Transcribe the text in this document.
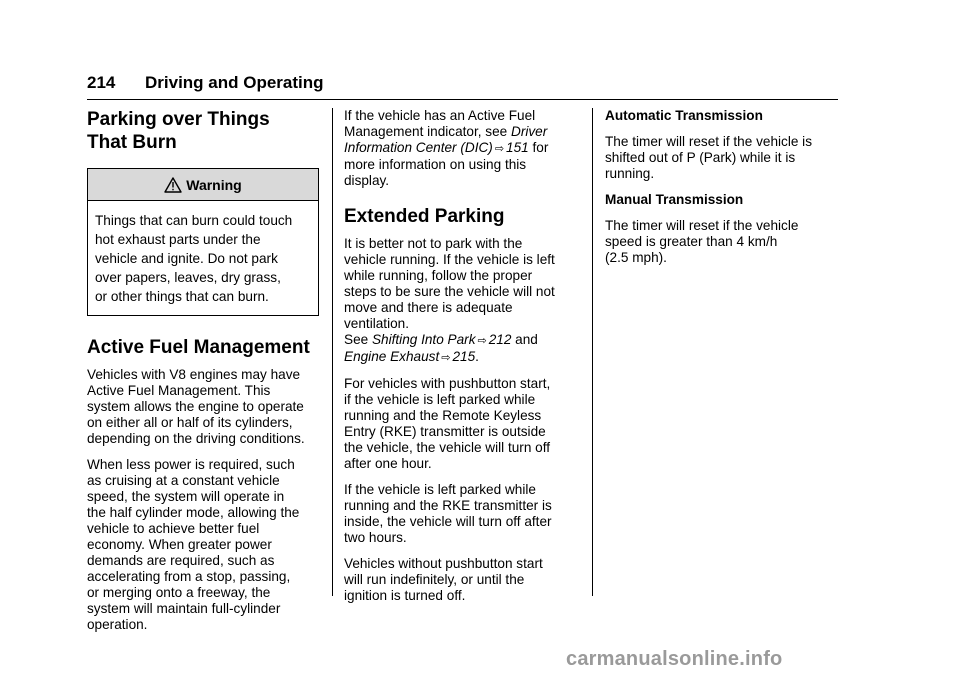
214 Driving and Operating
Parking over Things
That Burn
Warning
Things that can burn could touch
hot exhaust parts under the
vehicle and ignite. Do not park
over papers, leaves, dry grass,
or other things that can burn.
Active Fuel Management

Vehicles with V8 engines may have
Active Fuel Management. This
system allows the engine to operate
on either all or half of its cylinders,
depending on the driving conditions.

When less power is required, such
as cruising at a constant vehicle
speed, the system will operate in
the half cylinder mode, allowing the
vehicle to achieve better fuel
economy. When greater power
demands are required, such as
accelerating from a stop, passing,
or merging onto a freeway, the
system will maintain full-cylinder
operation.

If the vehicle has an Active Fuel
Management indicator, see Driver
Information Center (DIC) ⇨ 151 for
more information on using this
display.

Extended Parking

It is better not to park with the
vehicle running. If the vehicle is left
while running, follow the proper
steps to be sure the vehicle will not
move and there is adequate
ventilation.
See Shifting Into Park ⇨ 212 and
Engine Exhaust ⇨ 215.

For vehicles with pushbutton start,
if the vehicle is left parked while
running and the Remote Keyless
Entry (RKE) transmitter is outside
the vehicle, the vehicle will turn off
after one hour.

If the vehicle is left parked while
running and the RKE transmitter is
inside, the vehicle will turn off after
two hours.

Vehicles without pushbutton start
will run indefinitely, or until the
ignition is turned off.

Automatic Transmission

The timer will reset if the vehicle is
shifted out of P (Park) while it is
running.

Manual Transmission

The timer will reset if the vehicle
speed is greater than 4 km/h
(2.5 mph).

carmanualsonline.info
